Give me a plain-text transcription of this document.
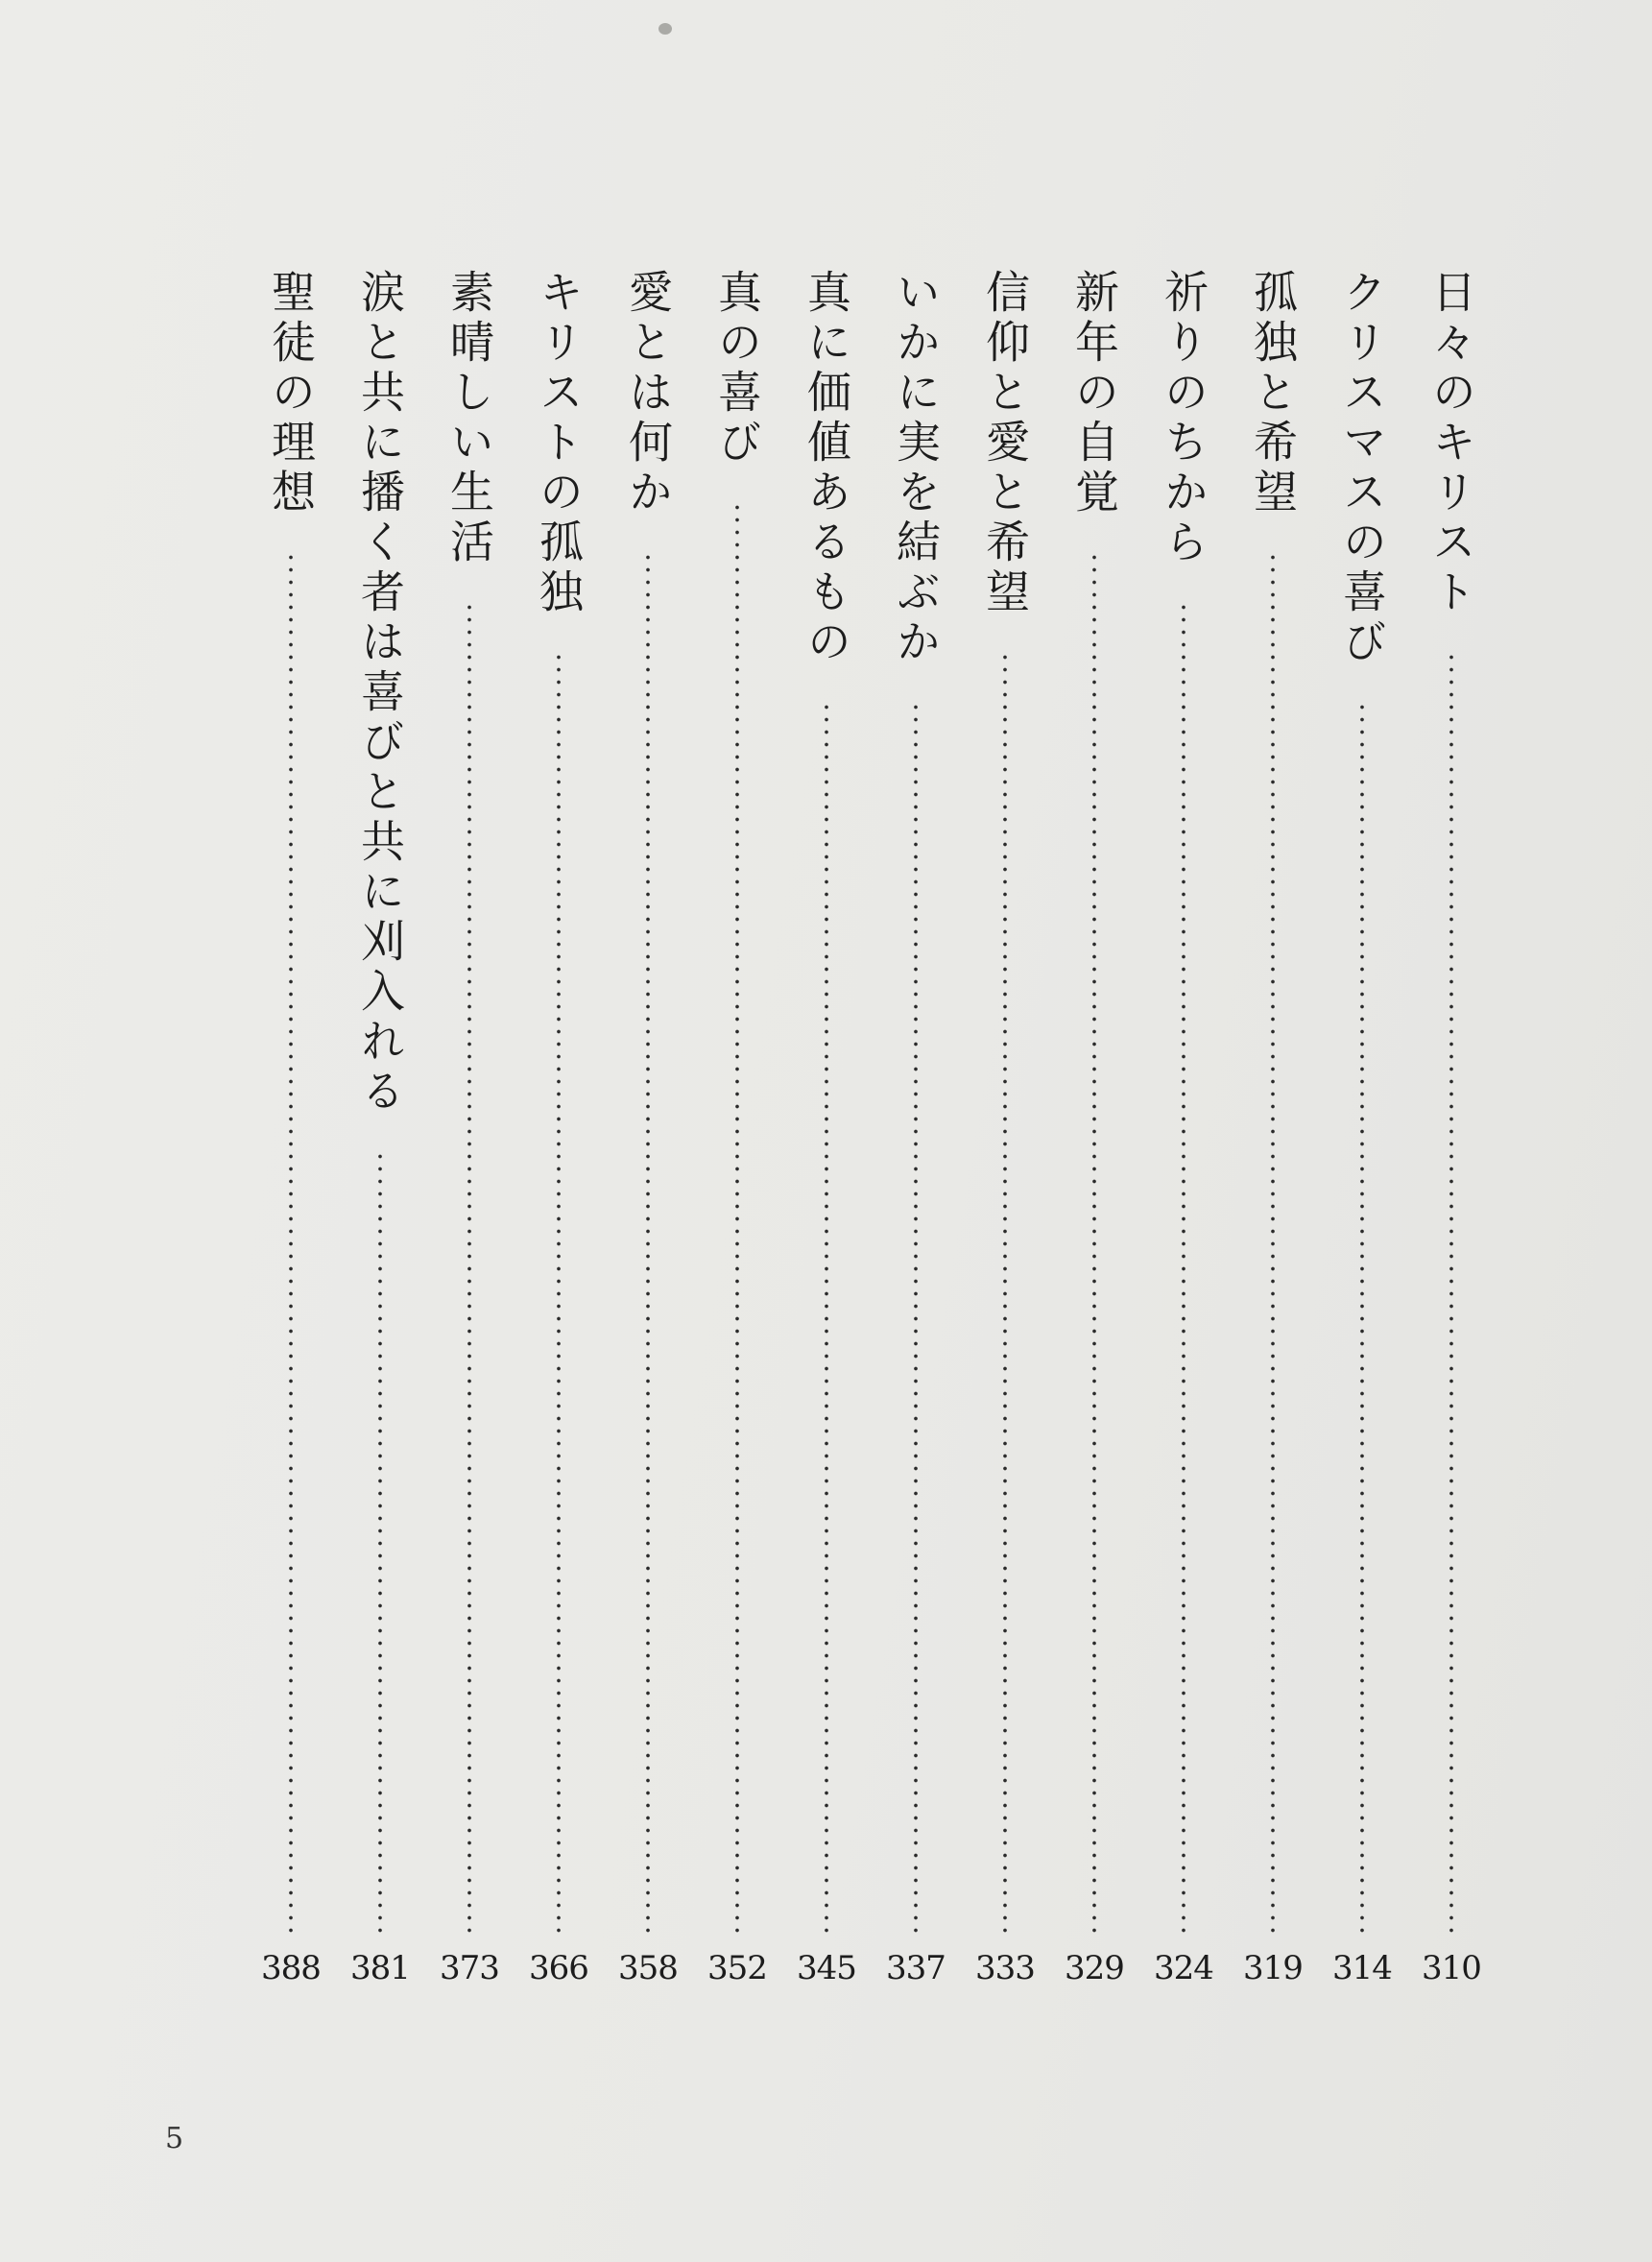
日々のキリスト
310
クリスマスの喜び
314
孤独と希望
319
祈りのちから
324
新年の自覚
329
信仰と愛と希望
333
いかに実を結ぶか
337
真に価値あるもの
345
真の喜び
352
愛とは何か
358
キリストの孤独
366
素晴しい生活
373
涙と共に播く者は喜びと共に刈入れる
381
聖徒の理想
388
5
